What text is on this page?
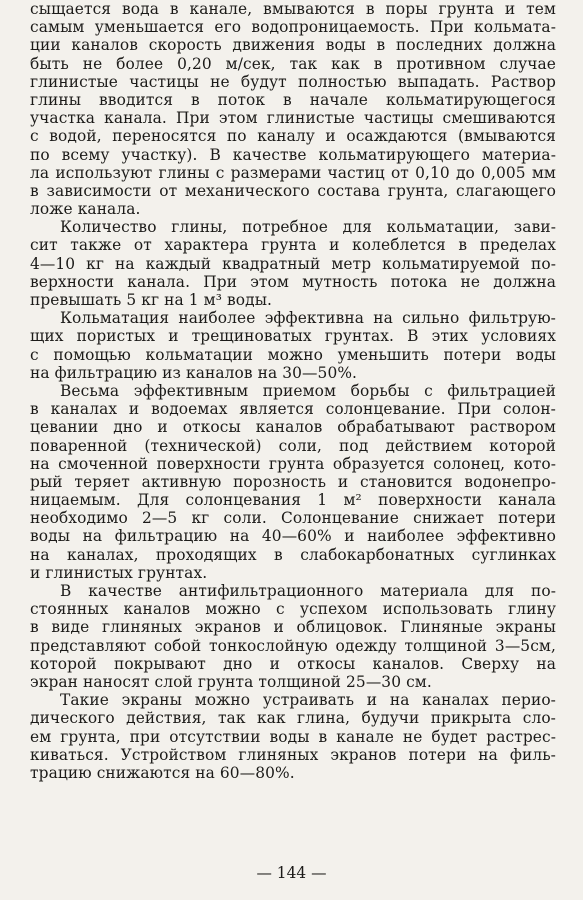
сыщается вода в канале, вмываются в поры грунта и тем
самым уменьшается его водопроницаемость. При кольмата-
ции каналов скорость движения воды в последних должна
быть не более 0,20 м/сек, так как в противном случае
глинистые частицы не будут полностью выпадать. Раствор
глины вводится в поток в начале кольматирующегося
участка канала. При этом глинистые частицы смешиваются
с водой, переносятся по каналу и осаждаются (вмываются
по всему участку). В качестве кольматирующего материа-
ла используют глины с размерами частиц от 0,10 до 0,005 мм
в зависимости от механического состава грунта, слагающего
ложе канала.
Количество глины, потребное для кольматации, зави-
сит также от характера грунта и колеблется в пределах
4—10 кг на каждый квадратный метр кольматируемой по-
верхности канала. При этом мутность потока не должна
превышать 5 кг на 1 м³ воды.
Кольматация наиболее эффективна на сильно фильтрую-
щих пористых и трещиноватых грунтах. В этих условиях
с помощью кольматации можно уменьшить потери воды
на фильтрацию из каналов на 30—50%.
Весьма эффективным приемом борьбы с фильтрацией
в каналах и водоемах является солонцевание. При солон-
цевании дно и откосы каналов обрабатывают раствором
поваренной (технической) соли, под действием которой
на смоченной поверхности грунта образуется солонец, кото-
рый теряет активную порозность и становится водонепро-
ницаемым. Для солонцевания 1 м² поверхности канала
необходимо 2—5 кг соли. Солонцевание снижает потери
воды на фильтрацию на 40—60% и наиболее эффективно
на каналах, проходящих в слабокарбонатных суглинках
и глинистых грунтах.
В качестве антифильтрационного материала для по-
стоянных каналов можно с успехом использовать глину
в виде глиняных экранов и облицовок. Глиняные экраны
представляют собой тонкослойную одежду толщиной 3—5см,
которой покрывают дно и откосы каналов. Сверху на
экран наносят слой грунта толщиной 25—30 см.
Такие экраны можно устраивать и на каналах перио-
дического действия, так как глина, будучи прикрыта сло-
ем грунта, при отсутствии воды в канале не будет растрес-
киваться. Устройством глиняных экранов потери на филь-
трацию снижаются на 60—80%.
— 144 —
